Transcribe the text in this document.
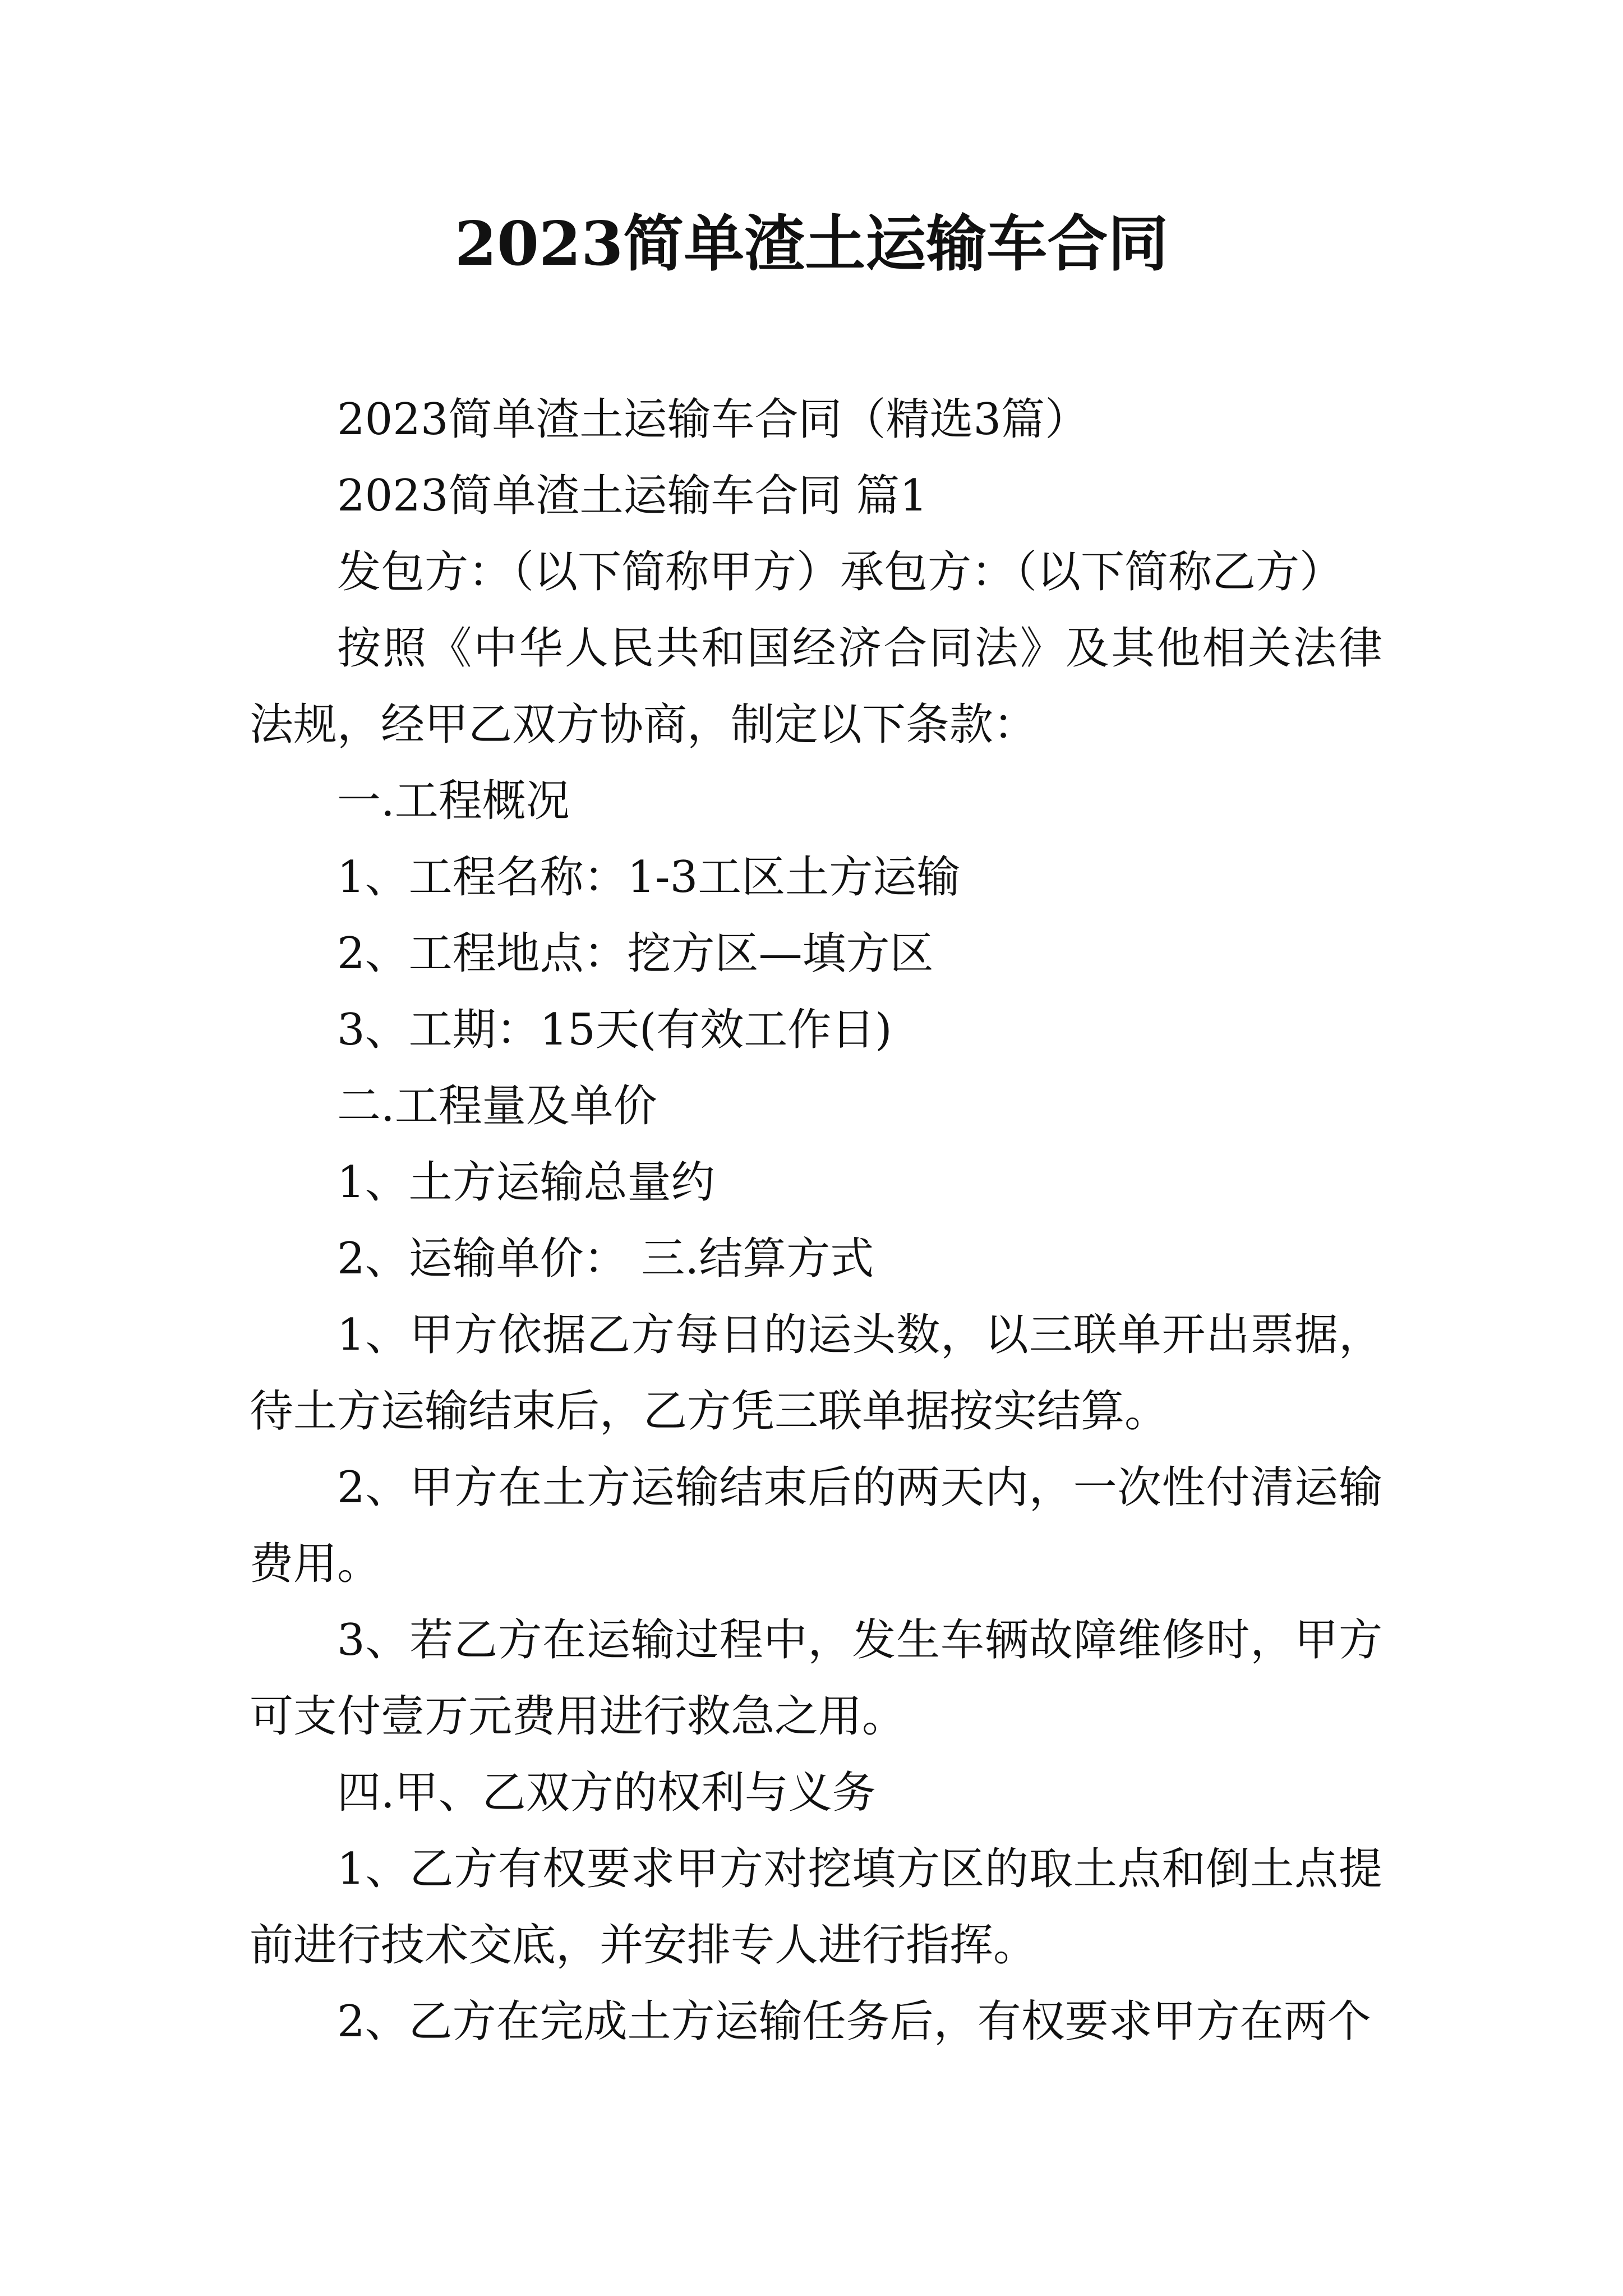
2023简单渣土运输车合同

2023简单渣土运输车合同（精选3篇）

2023简单渣土运输车合同 篇1

发包方：（以下简称甲方）承包方：（以下简称乙方）

按照《中华人民共和国经济合同法》及其他相关法律法规，经甲乙双方协商，制定以下条款：

一.工程概况

1、工程名称：1-3工区土方运输

2、工程地点：挖方区—填方区

3、工期：15天(有效工作日)

二.工程量及单价

1、土方运输总量约

2、运输单价： 三.结算方式

1、甲方依据乙方每日的运头数，以三联单开出票据，待土方运输结束后，乙方凭三联单据按实结算。

2、甲方在土方运输结束后的两天内，一次性付清运输费用。

3、若乙方在运输过程中，发生车辆故障维修时，甲方可支付壹万元费用进行救急之用。

四.甲、乙双方的权利与义务

1、乙方有权要求甲方对挖填方区的取土点和倒土点提前进行技术交底，并安排专人进行指挥。

2、乙方在完成土方运输任务后，有权要求甲方在两个
